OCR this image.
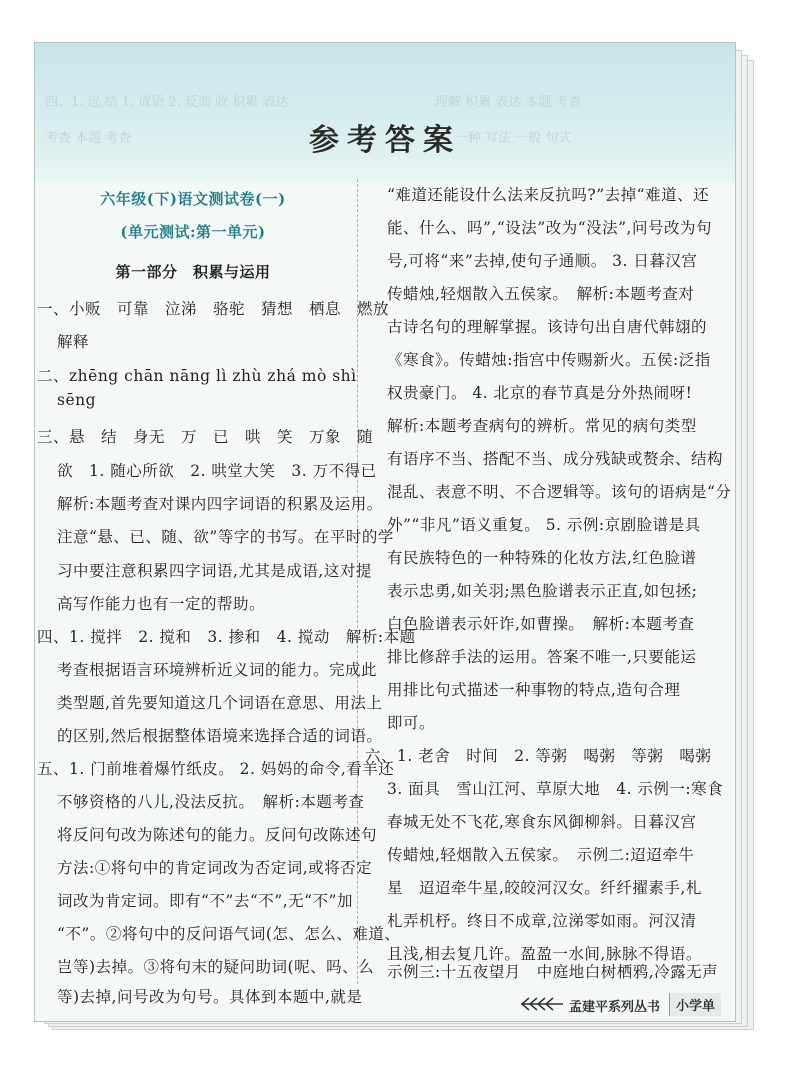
四、1. 远,结 1. 成语 2. 反而 收 积累 表达	理解 积累 表达 本题 考查
考查 本题 考查	一种 写法 一般 句式
参考答案
六年级(下)语文测试卷(一)
(单元测试:第一单元)
第一部分　积累与运用
一、小贩　可靠　泣涕　骆驼　猜想　栖息　燃放
解释
二、zhēng chān nāng lì zhù zhá mò shì
sēng
三、悬　结　身无　万　已　哄　笑　万象　随
欲　1. 随心所欲　2. 哄堂大笑　3. 万不得已
解析:本题考查对课内四字词语的积累及运用。
注意“悬、已、随、欲”等字的书写。在平时的学
习中要注意积累四字词语,尤其是成语,这对提
高写作能力也有一定的帮助。
四、1. 搅拌　2. 搅和　3. 掺和　4. 搅动　解析:本题
考查根据语言环境辨析近义词的能力。完成此
类型题,首先要知道这几个词语在意思、用法上
的区别,然后根据整体语境来选择合适的词语。
五、1. 门前堆着爆竹纸皮。 2. 妈妈的命令,看羊还
不够资格的八儿,没法反抗。　解析:本题考查
将反问句改为陈述句的能力。反问句改陈述句
方法:①将句中的肯定词改为否定词,或将否定
词改为肯定词。即有“不”去“不”,无“不”加
“不”。②将句中的反问语气词(怎、怎么、难道、
岂等)去掉。③将句末的疑问助词(呢、吗、么
等)去掉,问号改为句号。具体到本题中,就是
“难道还能设什么法来反抗吗?”去掉“难道、还
能、什么、吗”,“设法”改为“没法”,问号改为句
号,可将“来”去掉,使句子通顺。 3. 日暮汉宫
传蜡烛,轻烟散入五侯家。　解析:本题考查对
古诗名句的理解掌握。该诗句出自唐代韩翃的
《寒食》。传蜡烛:指宫中传赐新火。五侯:泛指
权贵豪门。 4. 北京的春节真是分外热闹呀!
解析:本题考查病句的辨析。常见的病句类型
有语序不当、搭配不当、成分残缺或赘余、结构
混乱、表意不明、不合逻辑等。该句的语病是“分
外”“非凡”语义重复。 5. 示例:京剧脸谱是具
有民族特色的一种特殊的化妆方法,红色脸谱
表示忠勇,如关羽;黑色脸谱表示正直,如包拯;
白色脸谱表示奸诈,如曹操。　解析:本题考查
排比修辞手法的运用。答案不唯一,只要能运
用排比句式描述一种事物的特点,造句合理
即可。
六、1. 老舍　时间　2. 等粥　喝粥　等粥　喝粥
3. 面具　雪山江河、草原大地　4. 示例一:寒食
春城无处不飞花,寒食东风御柳斜。日暮汉宫
传蜡烛,轻烟散入五侯家。　示例二:迢迢牵牛
星　迢迢牵牛星,皎皎河汉女。纤纤擢素手,札
札弄机杼。终日不成章,泣涕零如雨。河汉清
且浅,相去复几许。盈盈一水间,脉脉不得语。
示例三:十五夜望月　中庭地白树栖鸦,冷露无声
孟建平系列丛书	小学单
